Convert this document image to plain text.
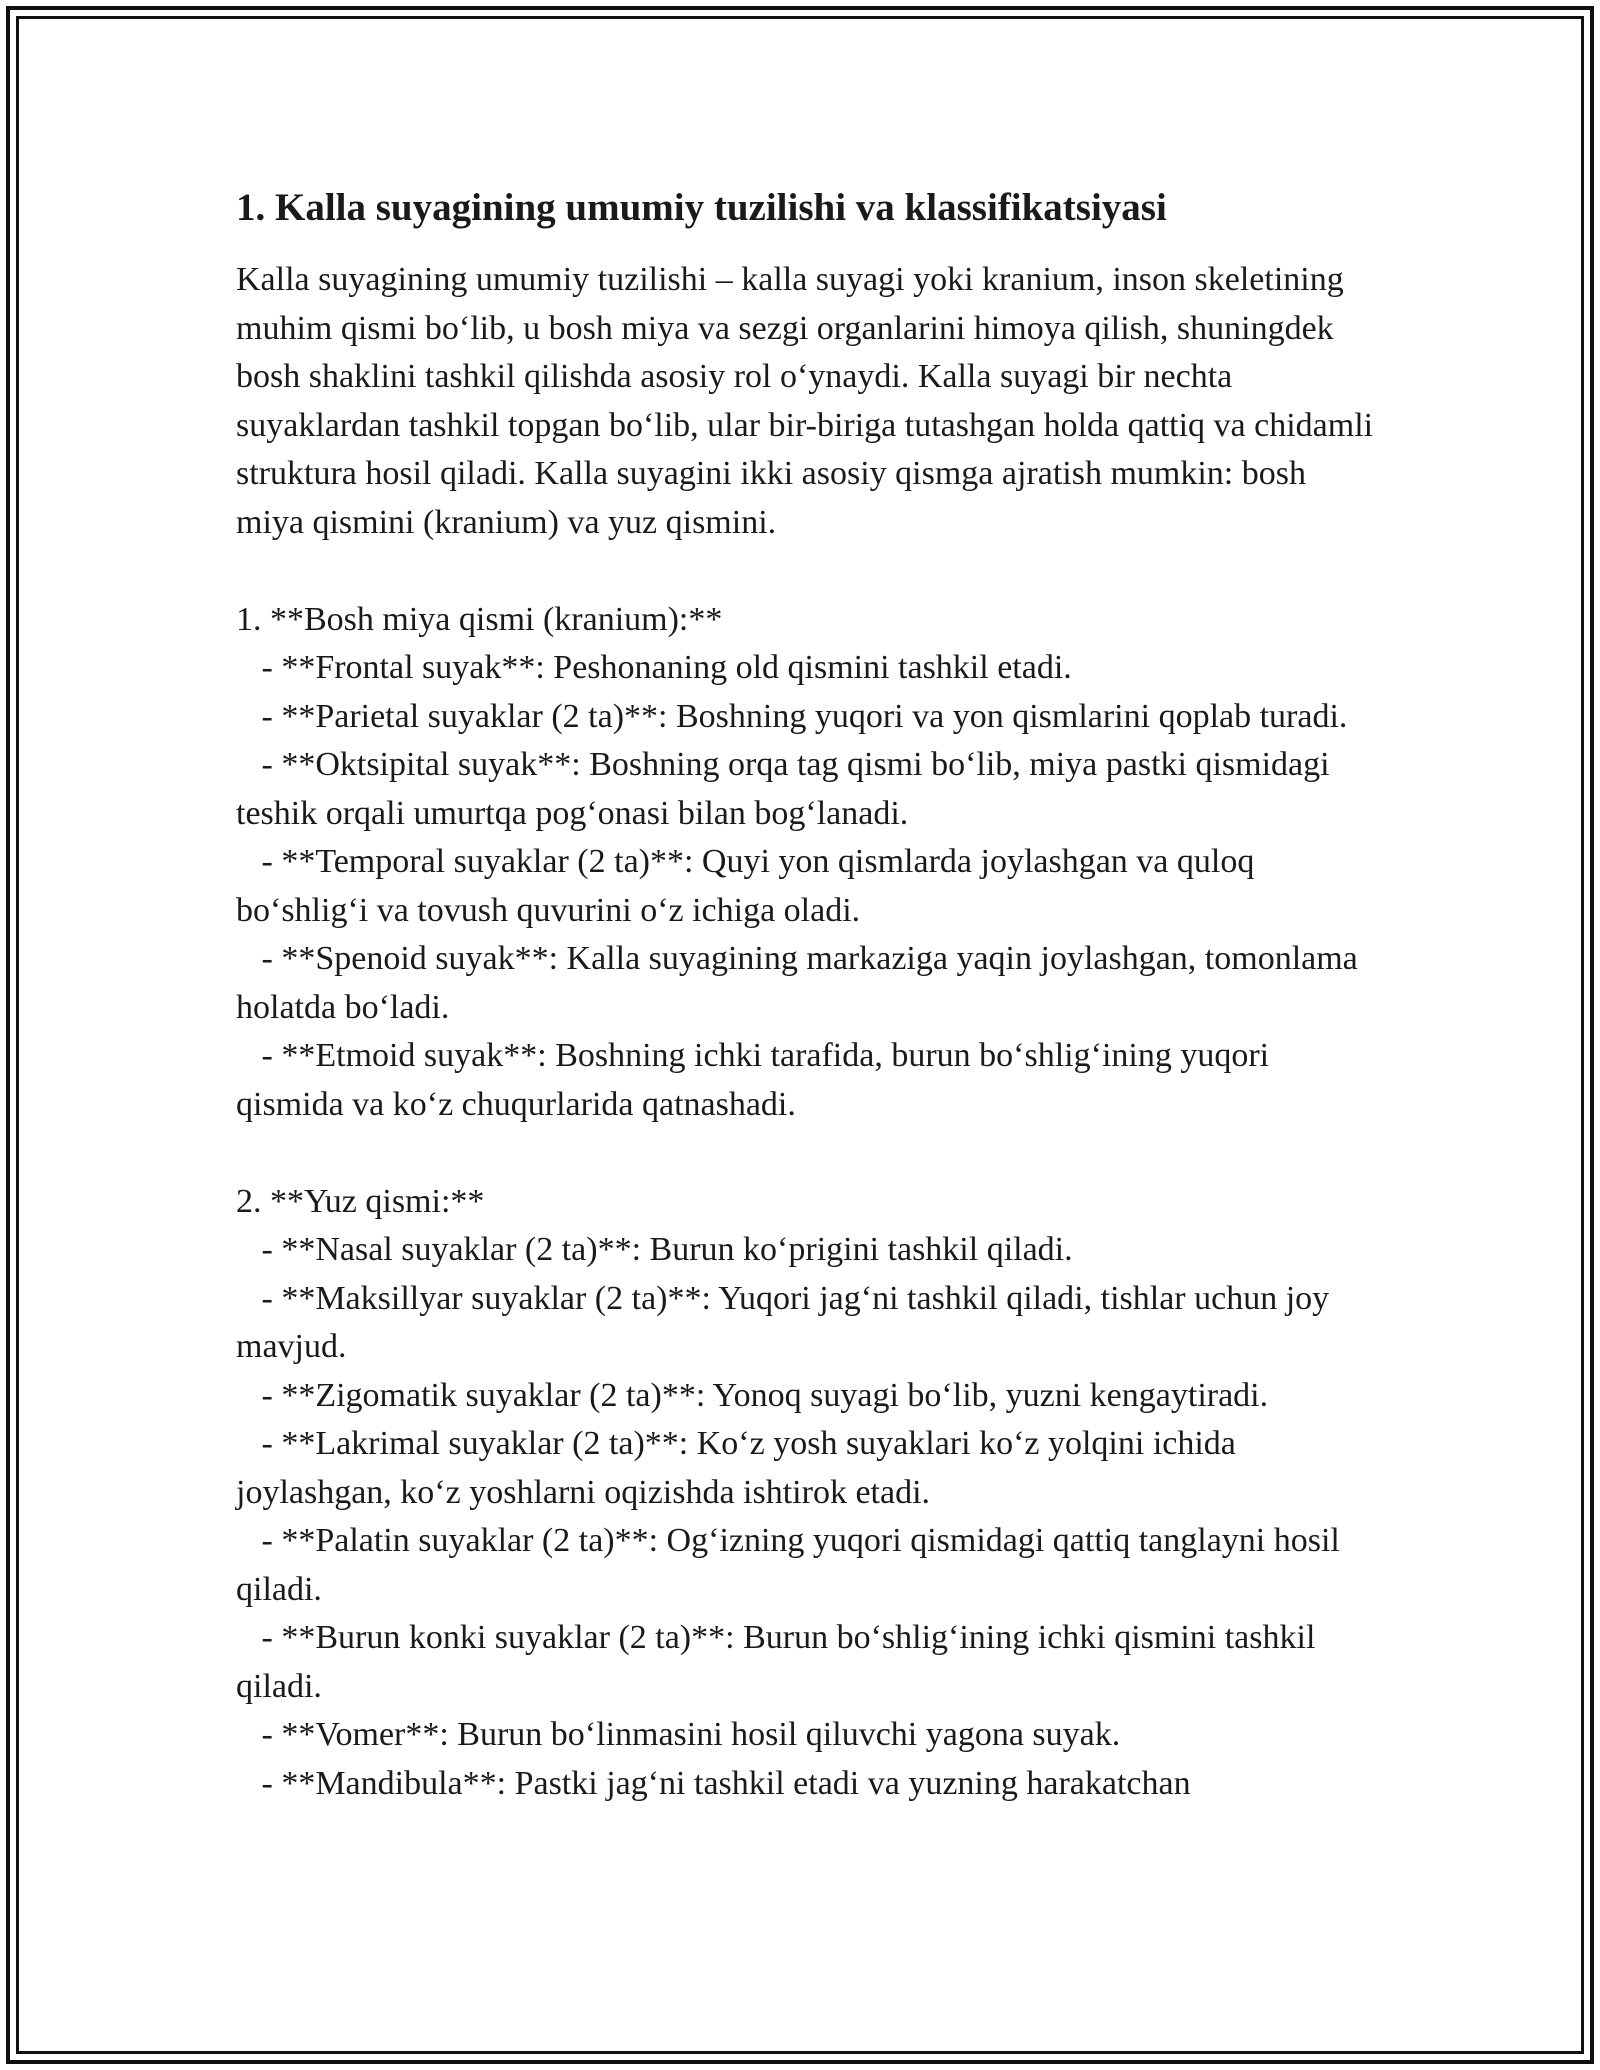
1. Kalla suyagining umumiy tuzilishi va klassifikatsiyasi

Kalla suyagining umumiy tuzilishi – kalla suyagi yoki kranium, inson skeletining muhim qismi bo‘lib, u bosh miya va sezgi organlarini himoya qilish, shuningdek bosh shaklini tashkil qilishda asosiy rol o‘ynaydi. Kalla suyagi bir nechta suyaklardan tashkil topgan bo‘lib, ular bir-biriga tutashgan holda qattiq va chidamli struktura hosil qiladi. Kalla suyagini ikki asosiy qismga ajratish mumkin: bosh miya qismini (kranium) va yuz qismini.

1. **Bosh miya qismi (kranium):**

- **Frontal suyak**: Peshonaning old qismini tashkil etadi.

- **Parietal suyaklar (2 ta)**: Boshning yuqori va yon qismlarini qoplab turadi.

- **Oktsipital suyak**: Boshning orqa tag qismi bo‘lib, miya pastki qismidagi teshik orqali umurtqa pog‘onasi bilan bog‘lanadi.

- **Temporal suyaklar (2 ta)**: Quyi yon qismlarda joylashgan va quloq bo‘shlig‘i va tovush quvurini o‘z ichiga oladi.

- **Spenoid suyak**: Kalla suyagining markaziga yaqin joylashgan, tomonlama holatda bo‘ladi.

- **Etmoid suyak**: Boshning ichki tarafida, burun bo‘shlig‘ining yuqori qismida va ko‘z chuqurlarida qatnashadi.

2. **Yuz qismi:**

- **Nasal suyaklar (2 ta)**: Burun ko‘prigini tashkil qiladi.

- **Maksillyar suyaklar (2 ta)**: Yuqori jag‘ni tashkil qiladi, tishlar uchun joy mavjud.

- **Zigomatik suyaklar (2 ta)**: Yonoq suyagi bo‘lib, yuzni kengaytiradi.

- **Lakrimal suyaklar (2 ta)**: Ko‘z yosh suyaklari ko‘z yolqini ichida joylashgan, ko‘z yoshlarni oqizishda ishtirok etadi.

- **Palatin suyaklar (2 ta)**: Og‘izning yuqori qismidagi qattiq tanglayni hosil qiladi.

- **Burun konki suyaklar (2 ta)**: Burun bo‘shlig‘ining ichki qismini tashkil qiladi.

- **Vomer**: Burun bo‘linmasini hosil qiluvchi yagona suyak.

- **Mandibula**: Pastki jag‘ni tashkil etadi va yuzning harakatchan
